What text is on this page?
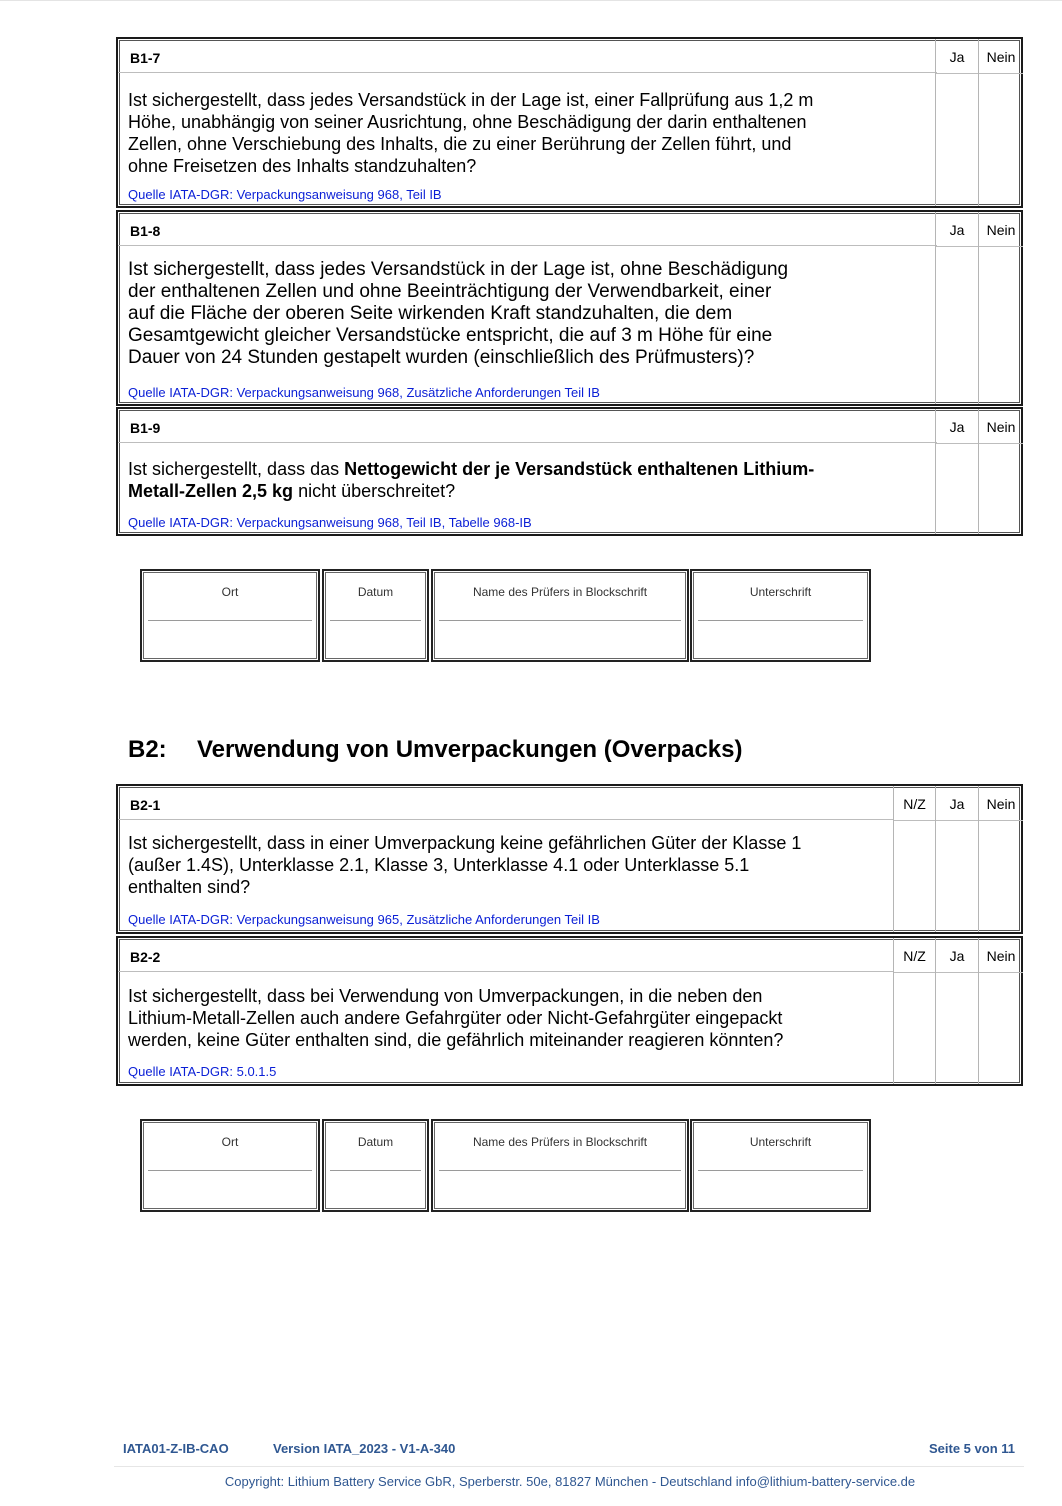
B1-7
Ist sichergestellt, dass jedes Versandstück in der Lage ist, einer Fallprüfung aus 1,2 m
Höhe, unabhängig von seiner Ausrichtung, ohne Beschädigung der darin enthaltenen
Zellen, ohne Verschiebung des Inhalts, die zu einer Berührung der Zellen führt, und
ohne Freisetzen des Inhalts standzuhalten?
Quelle IATA-DGR: Verpackungsanweisung 968, Teil IB
Ja	Nein
B1-8
Ist sichergestellt, dass jedes Versandstück in der Lage ist, ohne Beschädigung
der enthaltenen Zellen und ohne Beeinträchtigung der Verwendbarkeit, einer
auf die Fläche der oberen Seite wirkenden Kraft standzuhalten, die dem
Gesamtgewicht gleicher Versandstücke entspricht, die auf 3 m Höhe für eine
Dauer von 24 Stunden gestapelt wurden (einschließlich des Prüfmusters)?
Quelle IATA-DGR: Verpackungsanweisung 968, Zusätzliche Anforderungen Teil IB
Ja	Nein
B1-9
Ist sichergestellt, dass das Nettogewicht der je Versandstück enthaltenen Lithium-
Metall-Zellen 2,5 kg nicht überschreitet?
Quelle IATA-DGR: Verpackungsanweisung 968, Teil IB, Tabelle 968-IB
Ja	Nein
Ort	Datum	Name des Prüfers in Blockschrift	Unterschrift
B2: Verwendung von Umverpackungen (Overpacks)
B2-1
Ist sichergestellt, dass in einer Umverpackung keine gefährlichen Güter der Klasse 1
(außer 1.4S), Unterklasse 2.1, Klasse 3, Unterklasse 4.1 oder Unterklasse 5.1
enthalten sind?
Quelle IATA-DGR: Verpackungsanweisung 965, Zusätzliche Anforderungen Teil IB
N/Z	Ja	Nein
B2-2
Ist sichergestellt, dass bei Verwendung von Umverpackungen, in die neben den
Lithium-Metall-Zellen auch andere Gefahrgüter oder Nicht-Gefahrgüter eingepackt
werden, keine Güter enthalten sind, die gefährlich miteinander reagieren könnten?
Quelle IATA-DGR: 5.0.1.5
N/Z	Ja	Nein
Ort	Datum	Name des Prüfers in Blockschrift	Unterschrift
IATA01-Z-IB-CAO	Version IATA_2023 - V1-A-340	Seite 5 von 11
Copyright: Lithium Battery Service GbR, Sperberstr. 50e, 81827 München - Deutschland info@lithium-battery-service.de
